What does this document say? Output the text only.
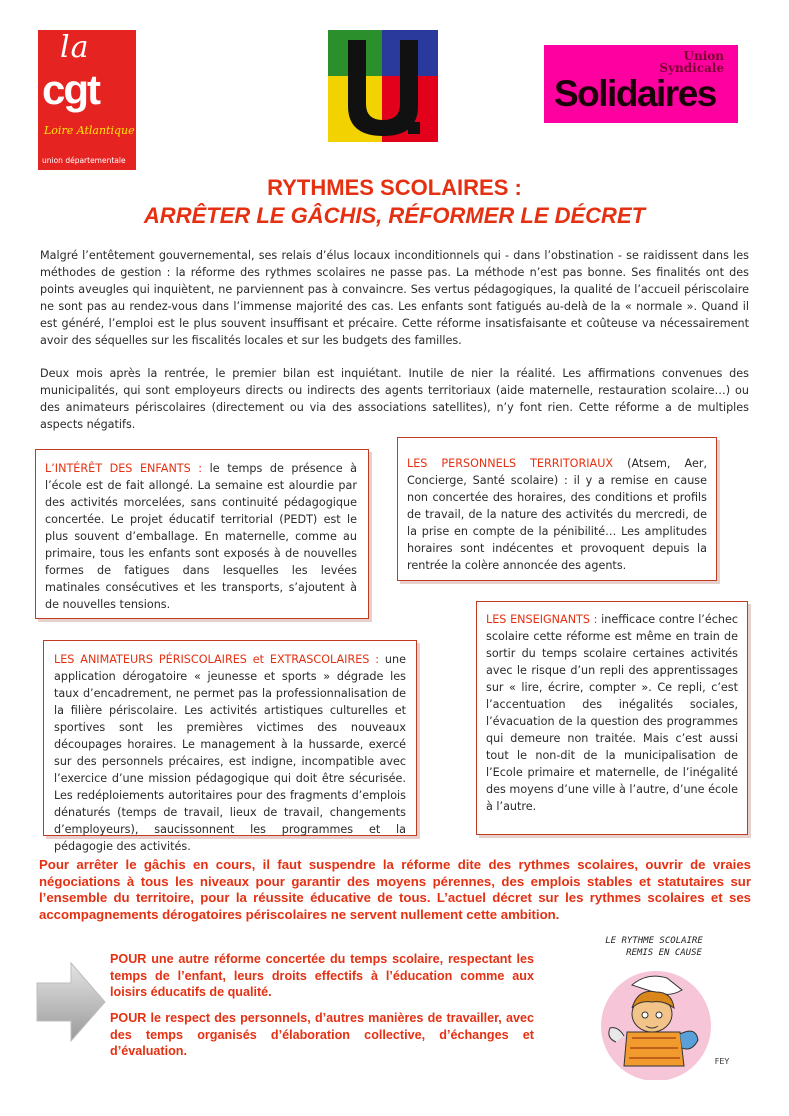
la
cgt
Loire Atlantique
union départementale
Union
Syndicale
Solidaires
RYTHMES SCOLAIRES :
ARRÊTER LE GÂCHIS, RÉFORMER LE DÉCRET
Malgré l’entêtement gouvernemental, ses relais d’élus locaux inconditionnels qui - dans l’obstination - se raidissent dans les méthodes de gestion : la réforme des rythmes scolaires ne passe pas. La méthode n’est pas bonne. Ses finalités ont des points aveugles qui inquiètent, ne parviennent pas à convaincre. Ses vertus pédagogiques, la qualité de l’accueil périscolaire ne sont pas au rendez-vous dans l’immense majorité des cas. Les enfants sont fatigués au-delà de la « normale ». Quand il est généré, l’emploi est le plus souvent insuffisant et précaire. Cette réforme insatisfaisante et coûteuse va nécessairement avoir des séquelles sur les fiscalités locales et sur les budgets des familles.
Deux mois après la rentrée, le premier bilan est inquiétant. Inutile de nier la réalité. Les affirmations convenues des municipalités, qui sont employeurs directs ou indirects des agents territoriaux (aide maternelle, restauration scolaire…) ou des animateurs périscolaires (directement ou via des associations satellites), n’y font rien. Cette réforme a de multiples aspects négatifs.
L’INTÉRÊT DES ENFANTS : le temps de présence à l’école est de fait allongé. La semaine est alourdie par des activités morcelées, sans continuité pédagogique concertée. Le projet éducatif territorial (PEDT) est le plus souvent d’emballage. En maternelle, comme au primaire, tous les enfants sont exposés à de nouvelles formes de fatigues dans lesquelles les levées matinales consécutives et les transports, s’ajoutent à de nouvelles tensions.
LES PERSONNELS TERRITORIAUX (Atsem, Aer, Concierge, Santé scolaire) : il y a remise en cause non concertée des horaires, des conditions et profils de travail, de la nature des activités du mercredi, de la prise en compte de la pénibilité… Les amplitudes horaires sont indécentes et provoquent depuis la rentrée la colère annoncée des agents.
LES ENSEIGNANTS : inefficace contre l’échec scolaire cette réforme est même en train de sortir du temps scolaire certaines activités avec le risque d’un repli des apprentissages sur « lire, écrire, compter ». Ce repli, c’est l’accentuation des inégalités sociales, l’évacuation de la question des programmes qui demeure non traitée. Mais c’est aussi tout le non-dit de la municipalisation de l’Ecole primaire et maternelle, de l’inégalité des moyens d’une ville à l’autre, d’une école à l’autre.
LES ANIMATEURS PÉRISCOLAIRES et EXTRASCOLAIRES : une application dérogatoire « jeunesse et sports » dégrade les taux d’encadrement, ne permet pas la professionnalisation de la filière périscolaire. Les activités artistiques culturelles et sportives sont les premières victimes des nouveaux découpages horaires. Le management à la hussarde, exercé sur des personnels précaires, est indigne, incompatible avec l’exercice d’une mission pédagogique qui doit être sécurisée. Les redéploiements autoritaires pour des fragments d’emplois dénaturés (temps de travail, lieux de travail, changements d’employeurs), saucissonnent les programmes et la pédagogie des activités.
Pour arrêter le gâchis en cours, il faut suspendre la réforme dite des rythmes scolaires, ouvrir de vraies négociations à tous les niveaux pour garantir des moyens pérennes, des emplois stables et statutaires sur l’ensemble du territoire, pour la réussite éducative de tous. L’actuel décret sur les rythmes scolaires et ses accompagnements dérogatoires périscolaires ne servent nullement cette ambition.
POUR une autre réforme concertée du temps scolaire, respectant les temps de l’enfant, leurs droits effectifs à l’éducation comme aux loisirs éducatifs de qualité.
POUR le respect des personnels, d’autres manières de travailler, avec des temps organisés d’élaboration collective, d’échanges et d’évaluation.
LE RYTHME SCOLAIRE
REMIS EN CAUSE
FEY
